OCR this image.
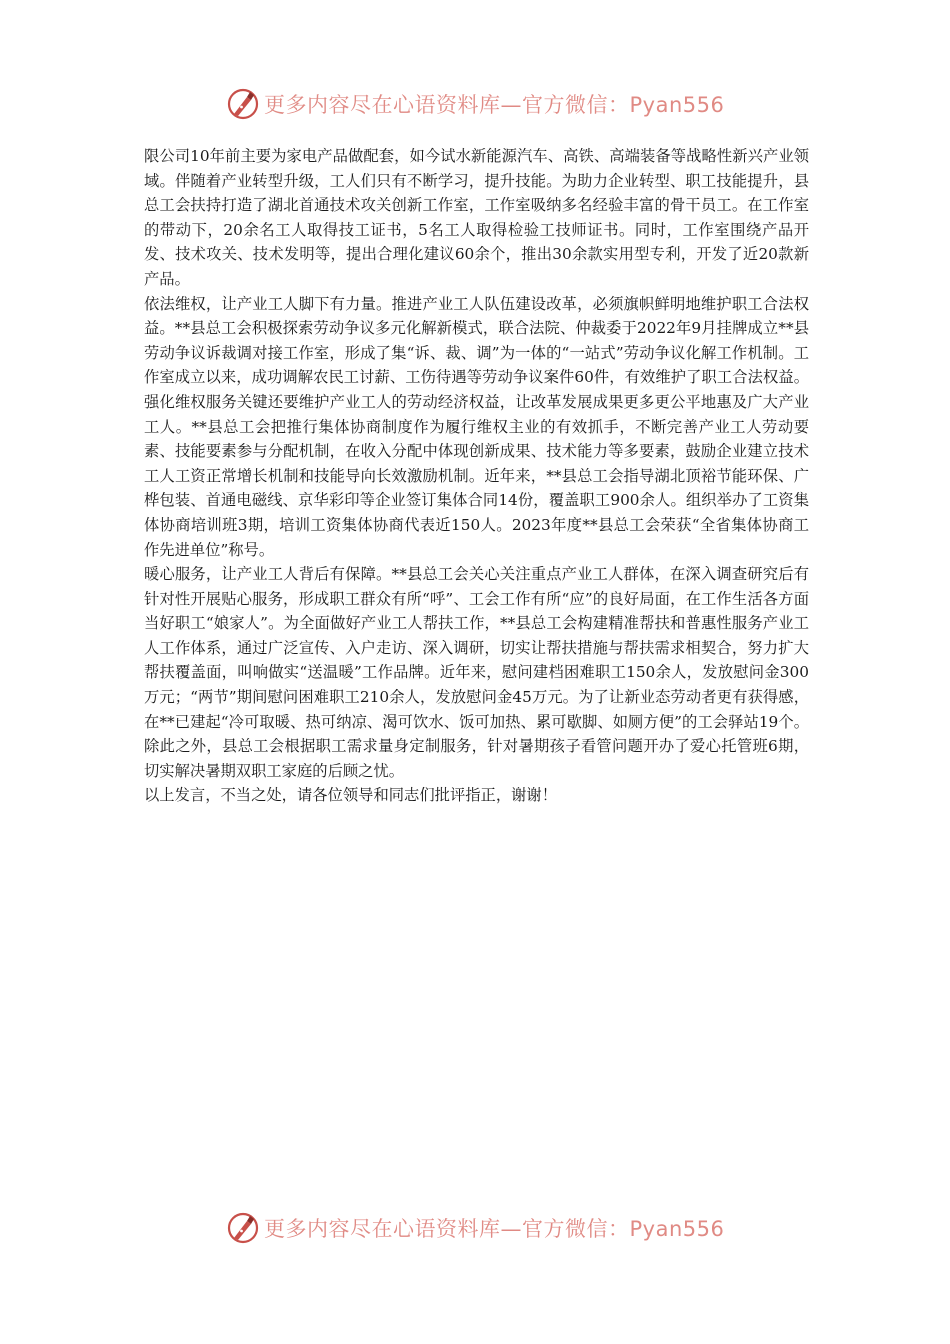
更多内容尽在心语资料库—官方微信：Pyan556

限公司10年前主要为家电产品做配套，如今试水新能源汽车、高铁、高端装备等战略性新兴产业领域。伴随着产业转型升级，工人们只有不断学习，提升技能。为助力企业转型、职工技能提升，县总工会扶持打造了湖北首通技术攻关创新工作室，工作室吸纳多名经验丰富的骨干员工。在工作室的带动下，20余名工人取得技工证书，5名工人取得检验工技师证书。同时，工作室围绕产品开发、技术攻关、技术发明等，提出合理化建议60余个，推出30余款实用型专利，开发了近20款新产品。

依法维权，让产业工人脚下有力量。推进产业工人队伍建设改革，必须旗帜鲜明地维护职工合法权益。**县总工会积极探索劳动争议多元化解新模式，联合法院、仲裁委于2022年9月挂牌成立**县劳动争议诉裁调对接工作室，形成了集“诉、裁、调”为一体的“一站式”劳动争议化解工作机制。工作室成立以来，成功调解农民工讨薪、工伤待遇等劳动争议案件60件，有效维护了职工合法权益。强化维权服务关键还要维护产业工人的劳动经济权益，让改革发展成果更多更公平地惠及广大产业工人。**县总工会把推行集体协商制度作为履行维权主业的有效抓手，不断完善产业工人劳动要素、技能要素参与分配机制，在收入分配中体现创新成果、技术能力等多要素，鼓励企业建立技术工人工资正常增长机制和技能导向长效激励机制。近年来，**县总工会指导湖北顶裕节能环保、广桦包装、首通电磁线、京华彩印等企业签订集体合同14份，覆盖职工900余人。组织举办了工资集体协商培训班3期，培训工资集体协商代表近150人。2023年度**县总工会荣获“全省集体协商工作先进单位”称号。

暖心服务，让产业工人背后有保障。**县总工会关心关注重点产业工人群体，在深入调查研究后有针对性开展贴心服务，形成职工群众有所“呼”、工会工作有所“应”的良好局面，在工作生活各方面当好职工“娘家人”。为全面做好产业工人帮扶工作，**县总工会构建精准帮扶和普惠性服务产业工人工作体系，通过广泛宣传、入户走访、深入调研，切实让帮扶措施与帮扶需求相契合，努力扩大帮扶覆盖面，叫响做实“送温暖”工作品牌。近年来，慰问建档困难职工150余人，发放慰问金300万元；“两节”期间慰问困难职工210余人，发放慰问金45万元。为了让新业态劳动者更有获得感，在**已建起“冷可取暖、热可纳凉、渴可饮水、饭可加热、累可歇脚、如厕方便”的工会驿站19个。除此之外，县总工会根据职工需求量身定制服务，针对暑期孩子看管问题开办了爱心托管班6期，切实解决暑期双职工家庭的后顾之忧。

以上发言，不当之处，请各位领导和同志们批评指正，谢谢！

更多内容尽在心语资料库—官方微信：Pyan556
